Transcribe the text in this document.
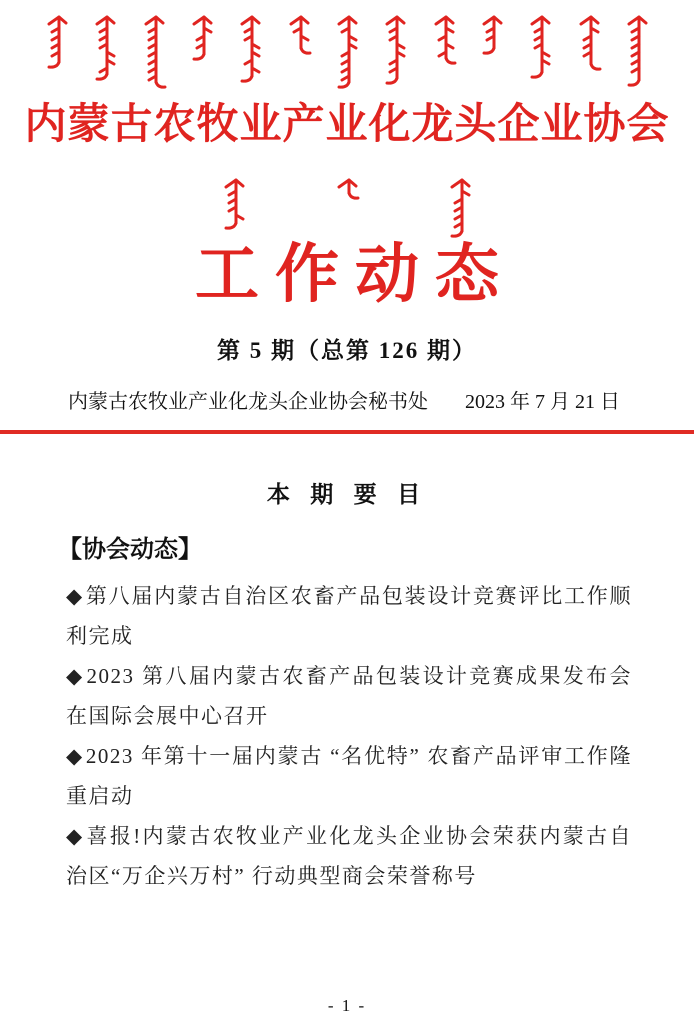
内蒙古农牧业产业化龙头企业协会
工作动态
第 5 期（总第 126 期）
内蒙古农牧业产业化龙头企业协会秘书处 2023 年 7 月 21 日
本 期 要 目
【协会动态】

◆第八届内蒙古自治区农畜产品包装设计竞赛评比工作顺利完成

◆2023 第八届内蒙古农畜产品包装设计竞赛成果发布会在国际会展中心召开

◆2023 年第十一届内蒙古 “名优特” 农畜产品评审工作隆重启动

◆喜报!内蒙古农牧业产业化龙头企业协会荣获内蒙古自治区“万企兴万村” 行动典型商会荣誉称号

- 1 -
